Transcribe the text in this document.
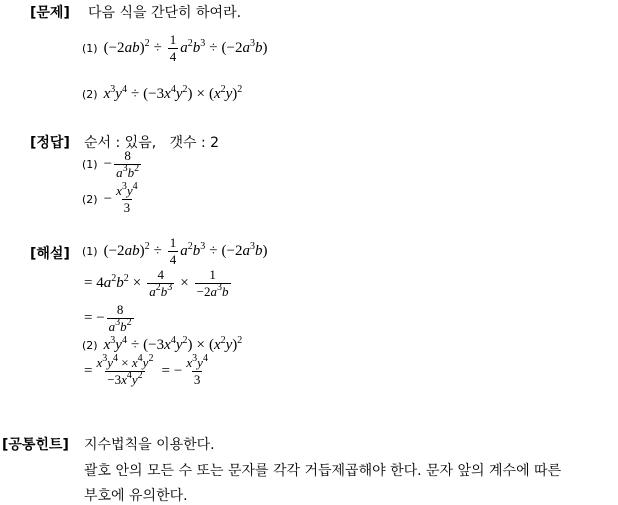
[문제] 다음 식을 간단히 하여라.
(1) $(-2ab)^2 \div \frac{1}{4} a^2b^3 \div (-2a^3b)$
(2) $x^3y^4 \div (-3x^4y^2) \times (x^2y)^2$
[정답] 순서 : 있음,   갯수 : 2
$(1) - \frac{8}{a^3b^2}$
$(2) - \frac{x^3y^4}{3}$
[해설] (1) $(-2ab)^2 \div \frac{1}{4} a^2b^3 \div (-2a^3b)$
= $4a^2b^2 \times \frac{4}{a^2b^3} \times \frac{1}{-2a^3b}$
= − $\frac{8}{a^3b^2}$
(2) $x^3y^4 \div (-3x^4y^2) \times (x^2y)^2$
= $\frac{x^3y^4 \times x^4y^2}{-3x^4y^2}$ = − $\frac{x^3y^4}{3}$
[공통힌트] 지수법칙을 이용한다.
괄호 안의 모든 수 또는 문자를 각각 거듭제곱해야 한다. 문자 앞의 계수에 따른
부호에 유의한다.
